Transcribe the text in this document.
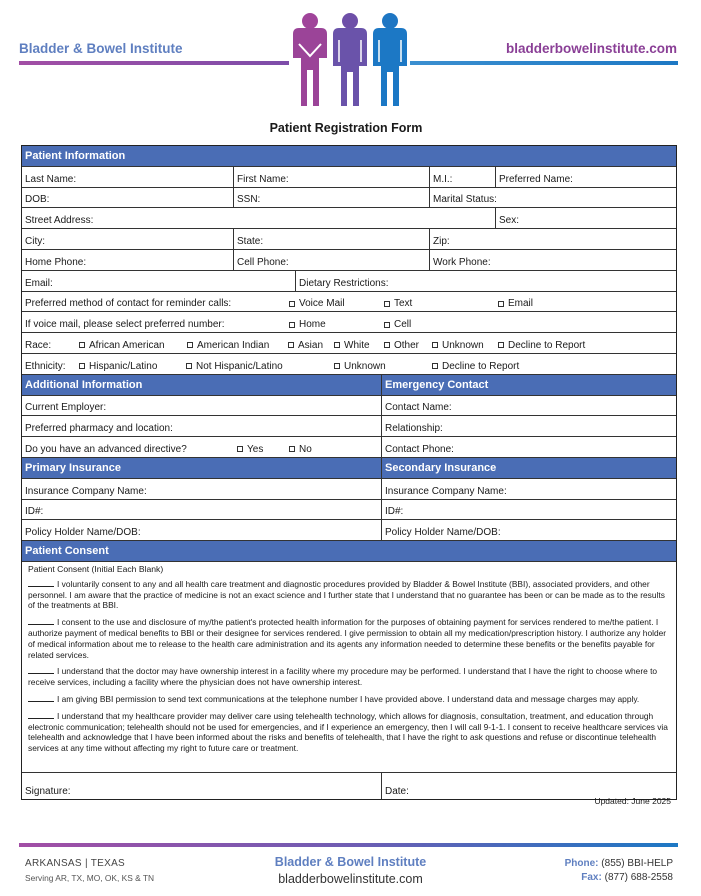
Bladder & Bowel Institute	bladderbowelinstitute.com
Patient Registration Form
Patient Information
Last Name:	First Name:	M.I.:	Preferred Name:
DOB:	SSN:	Marital Status:
Street Address:	Sex:
City:	State:	Zip:
Home Phone:	Cell Phone:	Work Phone:
Email:	Dietary Restrictions:
Preferred method of contact for reminder calls:	Voice Mail	Text	Email
If voice mail, please select preferred number:	Home	Cell
Race:	African American	American Indian	Asian White Other Unknown Decline to Report
Ethnicity: Hispanic/Latino	Not Hispanic/Latino	Unknown	Decline to Report
Additional Information	Emergency Contact
Current Employer:	Contact Name:
Preferred pharmacy and location:	Relationship:
Do you have an advanced directive?	Yes	No	Contact Phone:
Primary Insurance	Secondary Insurance
Insurance Company Name:	Insurance Company Name:
ID#:	ID#:
Policy Holder Name/DOB:	Policy Holder Name/DOB:
Patient Consent
Patient Consent (Initial Each Blank)

I voluntarily consent to any and all health care treatment and diagnostic procedures provided by Bladder & Bowel Institute (BBI), associated providers, and other personnel. I am aware that the practice of medicine is not an exact science and I further state that I understand that no guarantee has been or can be made as to the results of the treatments at BBI.

I consent to the use and disclosure of my/the patient's protected health information for the purposes of obtaining payment for services rendered to me/the patient. I authorize payment of medical benefits to BBI or their designee for services rendered. I give permission to obtain all my medication/prescription history. I authorize any holder of medical information about me to release to the health care administration and its agents any information needed to determine these benefits or the benefits payable for related services.

I understand that the doctor may have ownership interest in a facility where my procedure may be performed. I understand that I have the right to choose where to receive services, including a facility where the physician does not have ownership interest.

I am giving BBI permission to send text communications at the telephone number I have provided above. I understand data and message charges may apply.

I understand that my healthcare provider may deliver care using telehealth technology, which allows for diagnosis, consultation, treatment, and education through electronic communication; telehealth should not be used for emergencies, and if I experience an emergency, then I will call 9-1-1. I consent to receive healthcare services via telehealth and acknowledge that I have been informed about the risks and benefits of telehealth, that I have the right to ask questions and refuse or discontinue telehealth services at any time without affecting my right to future care or treatment.

Signature:	Date:
Updated: June 2025
ARKANSAS | TEXAS
Serving AR, TX, MO, OK, KS & TN
Bladder & Bowel Institute
bladderbowelinstitute.com
Phone: (855) BBI-HELP
Fax: (877) 688-2558
